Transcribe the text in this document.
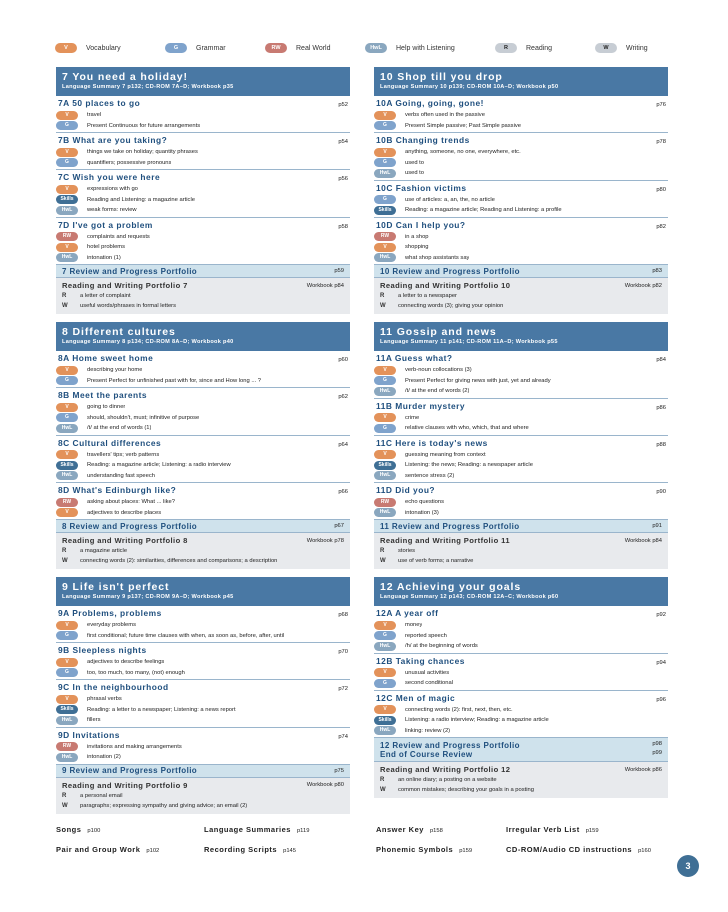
V	Vocabulary	G	Grammar	RW	Real World	HwL	Help with Listening	R	Reading	W	Writing
7 You need a holiday!
Language Summary 7 p132; CD-ROM 7A–D; Workbook p35
7A 50 places to go	p52
V	travel
G	Present Continuous for future arrangements
7B What are you taking?	p54
V	things we take on holiday; quantity phrases
G	quantifiers; possessive pronouns
7C Wish you were here	p56
V	expressions with go
Skills	Reading and Listening: a magazine article
HwL	weak forms: review
7D I've got a problem	p58
RW	complaints and requests
V	hotel problems
HwL	intonation (1)
7 Review and Progress Portfolio	p59
Reading and Writing Portfolio 7	Workbook p84
R	a letter of complaint
W	useful words/phrases in formal letters
8 Different cultures
Language Summary 8 p134; CD-ROM 8A–D; Workbook p40
8A Home sweet home	p60
V	describing your home
G	Present Perfect for unfinished past with for, since and How long ... ?
8B Meet the parents	p62
V	going to dinner
G	should, shouldn't, must; infinitive of purpose
HwL	/t/ at the end of words (1)
8C Cultural differences	p64
V	travellers' tips; verb patterns
Skills	Reading: a magazine article; Listening: a radio interview
HwL	understanding fast speech
8D What's Edinburgh like?	p66
RW	asking about places: What ... like?
V	adjectives to describe places
8 Review and Progress Portfolio	p67
Reading and Writing Portfolio 8	Workbook p78
R	a magazine article
W	connecting words (2): similarities, differences and comparisons; a description
9 Life isn't perfect
Language Summary 9 p137; CD-ROM 9A–D; Workbook p45
9A Problems, problems	p68
V	everyday problems
G	first conditional; future time clauses with when, as soon as, before, after, until
9B Sleepless nights	p70
V	adjectives to describe feelings
G	too, too much, too many, (not) enough
9C In the neighbourhood	p72
V	phrasal verbs
Skills	Reading: a letter to a newspaper; Listening: a news report
HwL	fillers
9D Invitations	p74
RW	invitations and making arrangements
HwL	intonation (2)
9 Review and Progress Portfolio	p75
Reading and Writing Portfolio 9	Workbook p80
R	a personal email
W	paragraphs; expressing sympathy and giving advice; an email (2)
10 Shop till you drop
Language Summary 10 p139; CD-ROM 10A–D; Workbook p50
10A Going, going, gone!	p76
V	verbs often used in the passive
G	Present Simple passive; Past Simple passive
10B Changing trends	p78
V	anything, someone, no one, everywhere, etc.
G	used to
HwL	used to
10C Fashion victims	p80
G	use of articles: a, an, the, no article
Skills	Reading: a magazine article; Reading and Listening: a profile
10D Can I help you?	p82
RW	in a shop
V	shopping
HwL	what shop assistants say
10 Review and Progress Portfolio	p83
Reading and Writing Portfolio 10	Workbook p82
R	a letter to a newspaper
W	connecting words (3); giving your opinion
11 Gossip and news
Language Summary 11 p141; CD-ROM 11A–D; Workbook p55
11A Guess what?	p84
V	verb-noun collocations (3)
G	Present Perfect for giving news with just, yet and already
HwL	/t/ at the end of words (2)
11B Murder mystery	p86
V	crime
G	relative clauses with who, which, that and where
11C Here is today's news	p88
V	guessing meaning from context
Skills	Listening: the news; Reading: a newspaper article
HwL	sentence stress (2)
11D Did you?	p90
RW	echo questions
HwL	intonation (3)
11 Review and Progress Portfolio	p91
Reading and Writing Portfolio 11	Workbook p84
R	stories
W	use of verb forms; a narrative
12 Achieving your goals
Language Summary 12 p143; CD-ROM 12A–C; Workbook p60
12A A year off	p92
V	money
G	reported speech
HwL	/h/ at the beginning of words
12B Taking chances	p94
V	unusual activities
G	second conditional
12C Men of magic	p96
V	connecting words (2): first, next, then, etc.
Skills	Listening: a radio interview; Reading: a magazine article
HwL	linking: review (2)
12 Review and Progress Portfolio	p98
End of Course Review	p99
Reading and Writing Portfolio 12	Workbook p86
R	an online diary; a posting on a website
W	common mistakes; describing your goals in a posting
Songs p100	Language Summaries p119	Answer Key p158	Irregular Verb List p159
Pair and Group Work p102	Recording Scripts p145	Phonemic Symbols p159	CD-ROM/Audio CD instructions p160
3
